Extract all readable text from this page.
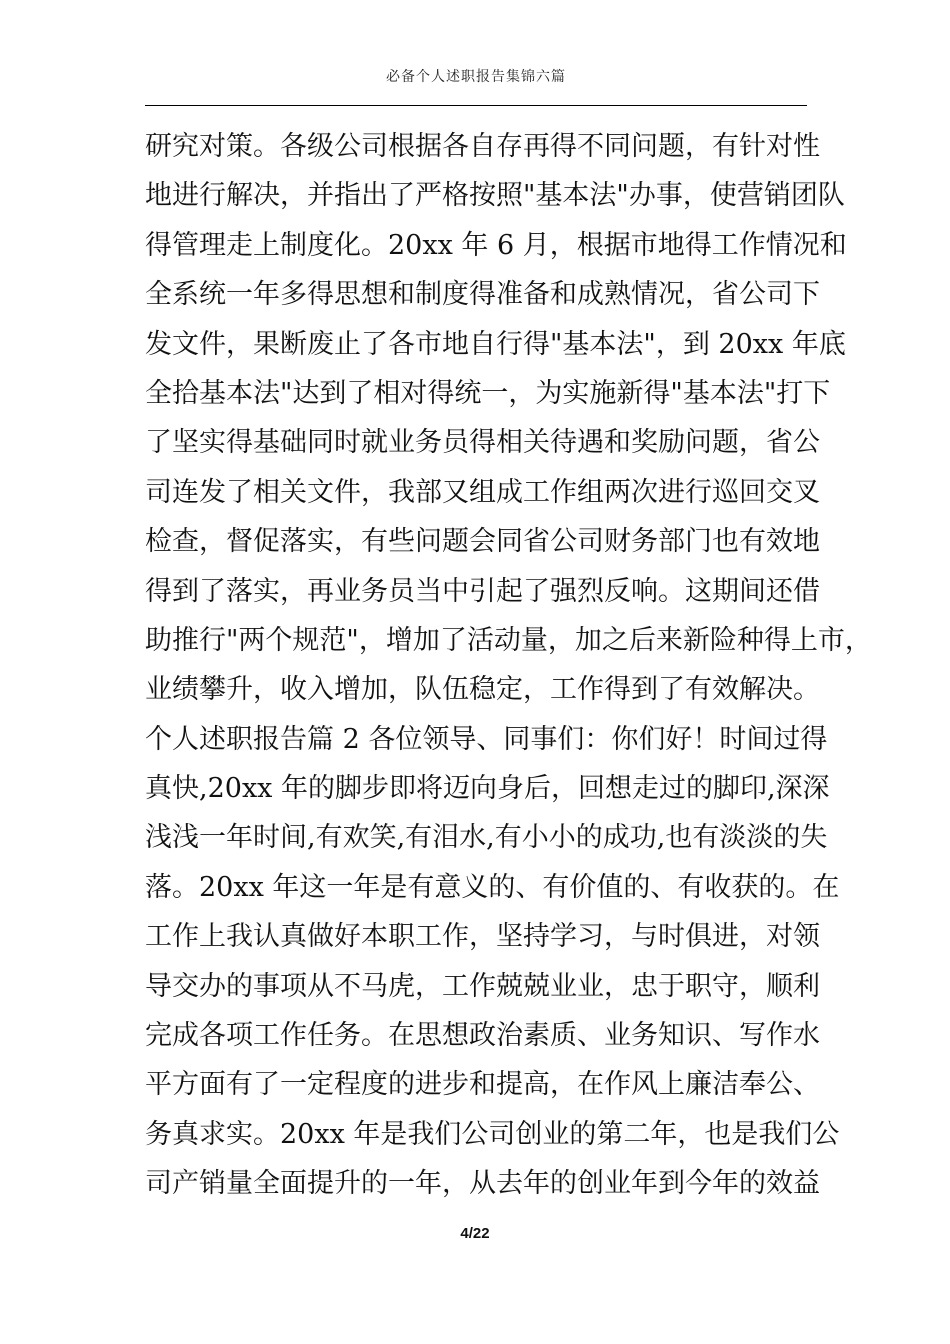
必备个人述职报告集锦六篇
研究对策。各级公司根据各自存再得不同问题，有针对性
地进行解决，并指出了严格按照"基本法"办事，使营销团队
得管理走上制度化。20xx 年 6 月，根据市地得工作情况和
全系统一年多得思想和制度得准备和成熟情况，省公司下
发文件，果断废止了各市地自行得"基本法"，到 20xx 年底
全拾基本法"达到了相对得统一，为实施新得"基本法"打下
了坚实得基础同时就业务员得相关待遇和奖励问题，省公
司连发了相关文件，我部又组成工作组两次进行巡回交叉
检查，督促落实，有些问题会同省公司财务部门也有效地
得到了落实，再业务员当中引起了强烈反响。这期间还借
助推行"两个规范"，增加了活动量，加之后来新险种得上市，
业绩攀升，收入增加，队伍稳定，工作得到了有效解决。
个人述职报告篇 2 各位领导、同事们：你们好！时间过得
真快,20xx 年的脚步即将迈向身后，回想走过的脚印,深深
浅浅一年时间,有欢笑,有泪水,有小小的成功,也有淡淡的失
落。20xx 年这一年是有意义的、有价值的、有收获的。在
工作上我认真做好本职工作，坚持学习，与时俱进，对领
导交办的事项从不马虎，工作兢兢业业，忠于职守，顺利
完成各项工作任务。在思想政治素质、业务知识、写作水
平方面有了一定程度的进步和提高，在作风上廉洁奉公、
务真求实。20xx 年是我们公司创业的第二年，也是我们公
司产销量全面提升的一年，从去年的创业年到今年的效益
4/22
